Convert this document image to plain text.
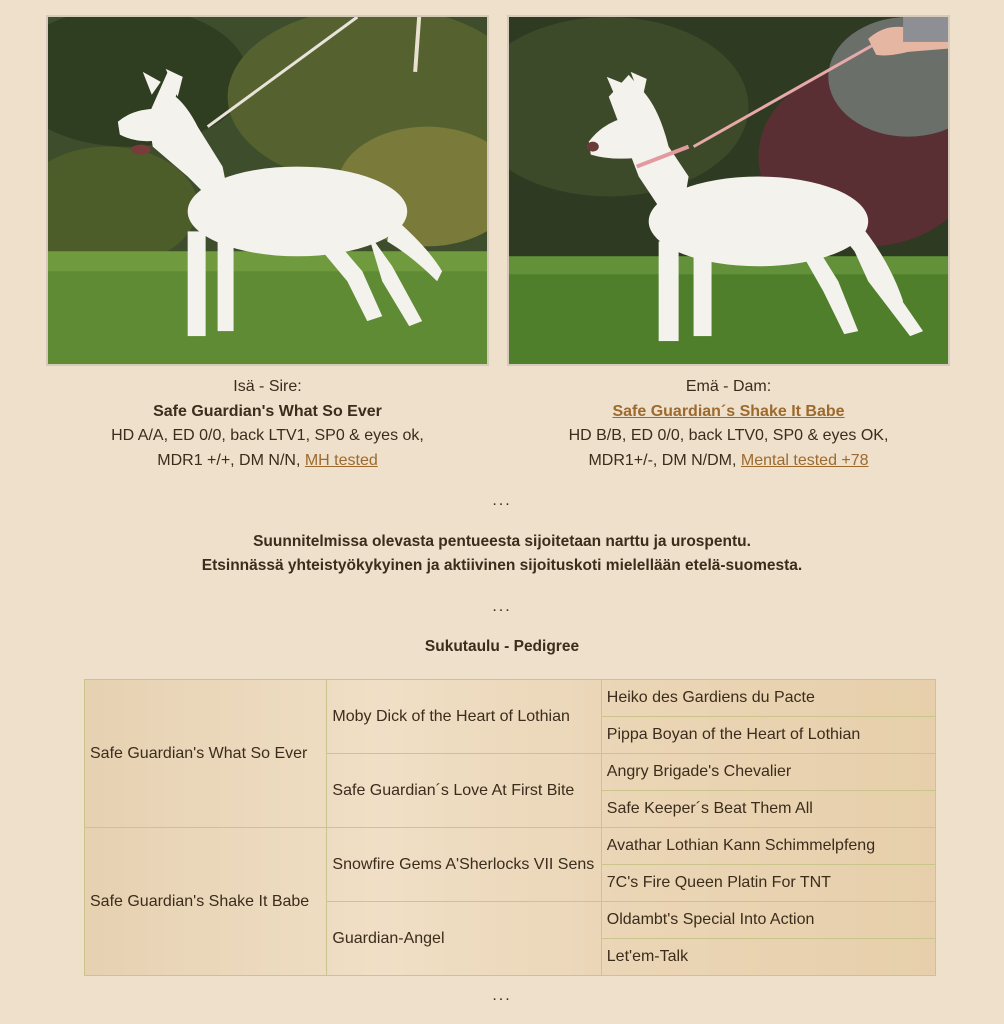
Isä - Sire:
Safe Guardian's What So Ever
HD A/A, ED 0/0, back LTV1, SP0 & eyes ok,
MDR1 +/+, DM N/N, MH tested
Emä - Dam:
Safe Guardian´s Shake It Babe
HD B/B, ED 0/0, back LTV0, SP0 & eyes OK,
MDR1+/-, DM N/DM, Mental tested +78
...
Suunnitelmissa olevasta pentueesta sijoitetaan narttu ja urospentu.
Etsinnässä yhteistyökykyinen ja aktiivinen sijoituskoti mielellään etelä-suomesta.
...
Sukutaulu - Pedigree
Safe Guardian's What So Ever	Moby Dick of the Heart of Lothian	Heiko des Gardiens du Pacte
		Pippa Boyan of the Heart of Lothian
	Safe Guardian´s Love At First Bite	Angry Brigade's Chevalier
		Safe Keeper´s Beat Them All
Safe Guardian's Shake It Babe	Snowfire Gems A'Sherlocks VII Sens	Avathar Lothian Kann Schimmelpfeng
		7C's Fire Queen Platin For TNT
	Guardian-Angel	Oldambt's Special Into Action
		Let'em-Talk
...
